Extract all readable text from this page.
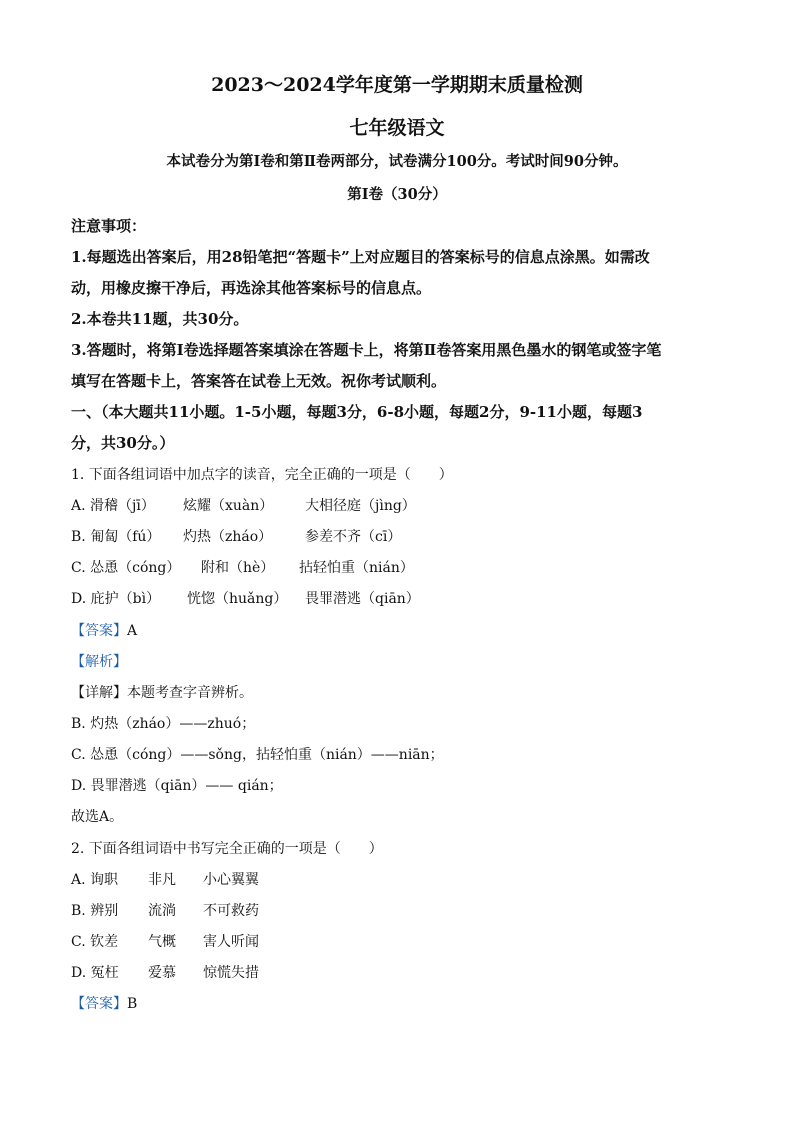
2023～2024学年度第一学期期末质量检测
七年级语文
本试卷分为第Ⅰ卷和第Ⅱ卷两部分，试卷满分100分。考试时间90分钟。
第Ⅰ卷（30分）
注意事项：
1.每题选出答案后，用28铅笔把“答题卡”上对应题目的答案标号的信息点涂黑。如需改
动，用橡皮擦干净后，再选涂其他答案标号的信息点。
2.本卷共11题，共30分。
3.答题时，将第Ⅰ卷选择题答案填涂在答题卡上，将第Ⅱ卷答案用黑色墨水的钢笔或签字笔
填写在答题卡上，答案答在试卷上无效。祝你考试顺利。
一、（本大题共11小题。1-5小题，每题3分，6-8小题，每题2分，9-11小题，每题3
分，共30分。）
1. 下面各组词语中加点字的读音，完全正确的一项是（　　）
A. 滑稽（jī） 炫耀（xuàn） 大相径庭（jìng）
B. 匍匐（fú） 灼热（zháo） 参差不齐（cī）
C. 怂恿（cóng） 附和（hè） 拈轻怕重（nián）
D. 庇护（bì） 恍惚（huǎng） 畏罪潜逃（qiān）
【答案】A
【解析】
【详解】本题考查字音辨析。
B. 灼热（zháo）——zhuó；
C. 怂恿（cóng）——sǒng，拈轻怕重（nián）——niān；
D. 畏罪潜逃（qiān）—— qián；
故选A。
2. 下面各组词语中书写完全正确的一项是（　　）
A. 询职 非凡 小心翼翼
B. 辨别 流淌 不可救药
C. 钦差 气概 害人听闻
D. 冤枉 爱慕 惊慌失措
【答案】B
